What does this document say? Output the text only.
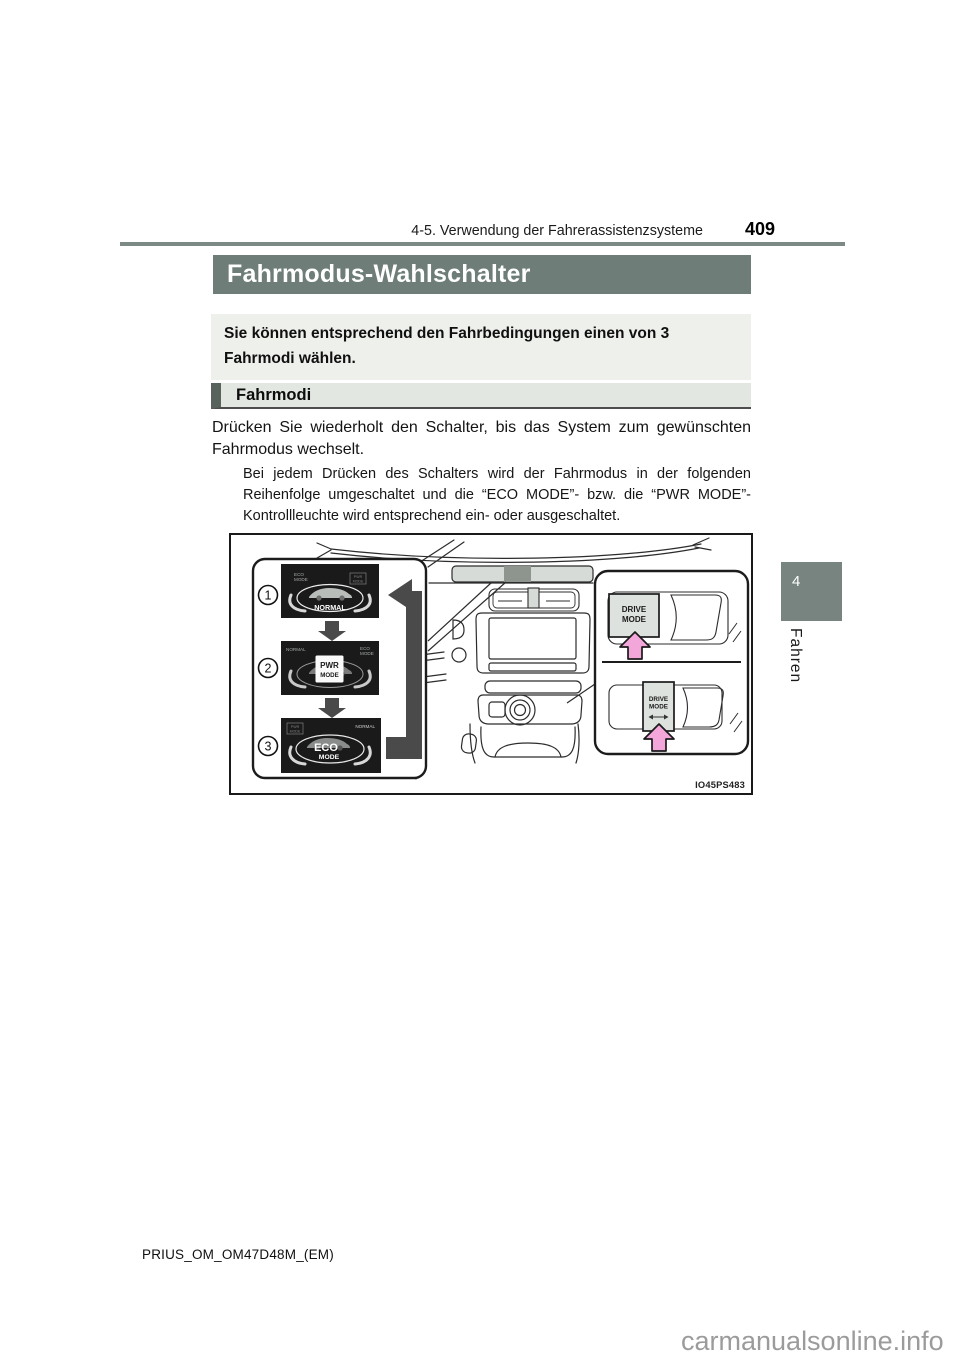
4-5. Verwendung der Fahrerassistenzsysteme 409
Fahrmodus-Wahlschalter
Sie können entsprechend den Fahrbedingungen einen von 3 Fahrmodi wählen.
Fahrmodi
Drücken Sie wiederholt den Schalter, bis das System zum gewünschten Fahrmodus wechselt.
Bei jedem Drücken des Schalters wird der Fahrmodus in der folgenden Reihenfolge umgeschaltet und die “ECO MODE”- bzw. die “PWR MODE”-Kontrollleuchte wird entsprechend ein- oder ausgeschaltet.
ECO
MODE	PWR
MODE
NORMAL
NORMAL	ECO
MODE
PWR
MODE
PWR
MODE
NORMAL
ECO
MODE
1
2
3
DRIVE
MODE
DRIVE
MODE
IO45PS483
4
Fahren
PRIUS_OM_OM47D48M_(EM)
carmanualsonline.info
